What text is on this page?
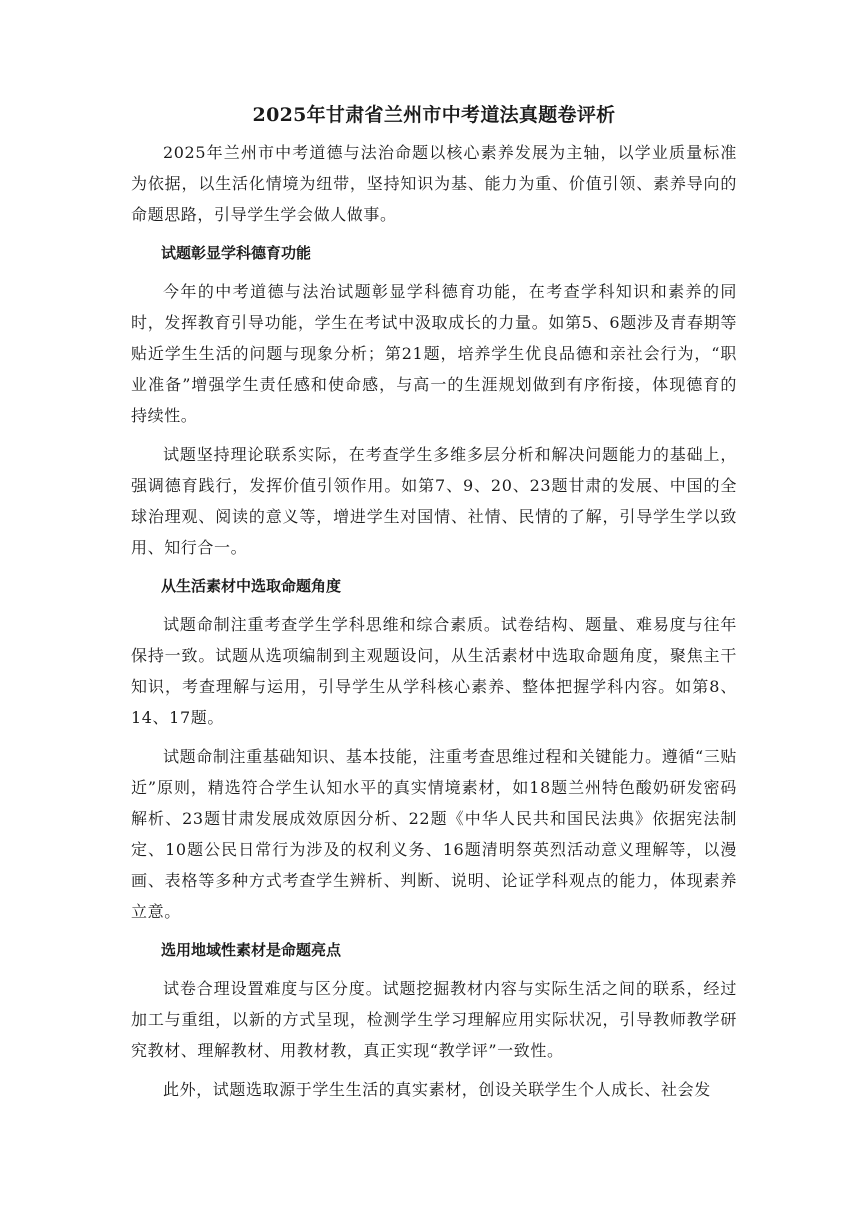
2025年甘肃省兰州市中考道法真题卷评析

2025年兰州市中考道德与法治命题以核心素养发展为主轴，以学业质量标准为依据，以生活化情境为纽带，坚持知识为基、能力为重、价值引领、素养导向的命题思路，引导学生学会做人做事。

试题彰显学科德育功能

今年的中考道德与法治试题彰显学科德育功能，在考查学科知识和素养的同时，发挥教育引导功能，学生在考试中汲取成长的力量。如第5、6题涉及青春期等贴近学生生活的问题与现象分析；第21题，培养学生优良品德和亲社会行为，“职业准备”增强学生责任感和使命感，与高一的生涯规划做到有序衔接，体现德育的持续性。

试题坚持理论联系实际，在考查学生多维多层分析和解决问题能力的基础上，强调德育践行，发挥价值引领作用。如第7、9、20、23题甘肃的发展、中国的全球治理观、阅读的意义等，增进学生对国情、社情、民情的了解，引导学生学以致用、知行合一。

从生活素材中选取命题角度

试题命制注重考查学生学科思维和综合素质。试卷结构、题量、难易度与往年保持一致。试题从选项编制到主观题设问，从生活素材中选取命题角度，聚焦主干知识，考查理解与运用，引导学生从学科核心素养、整体把握学科内容。如第8、14、17题。

试题命制注重基础知识、基本技能，注重考查思维过程和关键能力。遵循“三贴近”原则，精选符合学生认知水平的真实情境素材，如18题兰州特色酸奶研发密码解析、23题甘肃发展成效原因分析、22题《中华人民共和国民法典》依据宪法制定、10题公民日常行为涉及的权利义务、16题清明祭英烈活动意义理解等，以漫画、表格等多种方式考查学生辨析、判断、说明、论证学科观点的能力，体现素养立意。

选用地域性素材是命题亮点

试卷合理设置难度与区分度。试题挖掘教材内容与实际生活之间的联系，经过加工与重组，以新的方式呈现，检测学生学习理解应用实际状况，引导教师教学研究教材、理解教材、用教材教，真正实现“教学评”一致性。

此外，试题选取源于学生生活的真实素材，创设关联学生个人成长、社会发
